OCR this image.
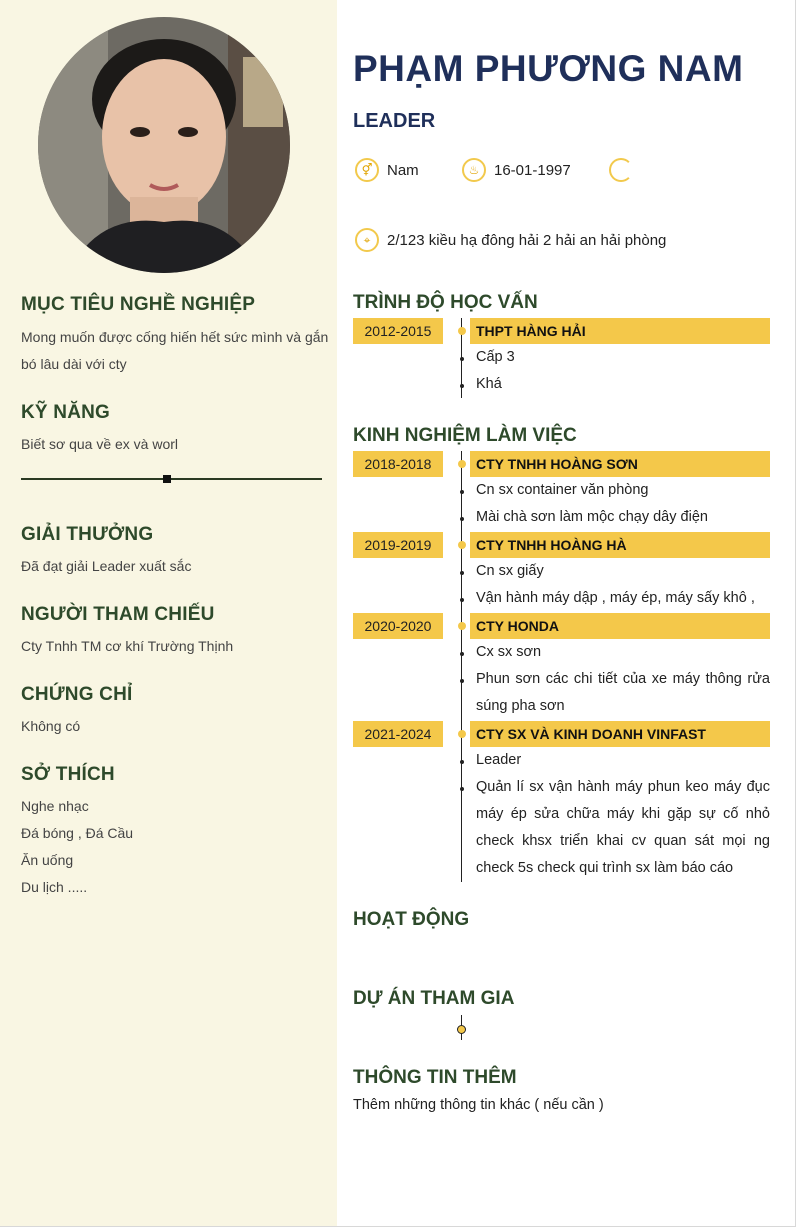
MỤC TIÊU NGHỀ NGHIỆP
Mong muốn được cống hiến hết sức mình và gắn
bó lâu dài với cty
KỸ NĂNG
Biết sơ qua về ex và worl
GIẢI THƯỞNG
Đã đạt giải Leader xuất sắc
NGƯỜI THAM CHIẾU
Cty Tnhh TM cơ khí Trường Thịnh
CHỨNG CHỈ
Không có
SỞ THÍCH
Nghe nhạc
Đá bóng , Đá Cầu
Ăn uống
Du lịch .....
PHẠM PHƯƠNG NAM
LEADER
⚥ Nam	♨ 16-01-1997
⌖	2/123 kiều hạ đông hải 2 hải an hải phòng
TRÌNH ĐỘ HỌC VẤN
2012-2015	THPT HÀNG HẢI
Cấp 3
Khá
KINH NGHIỆM LÀM VIỆC
2018-2018	CTY TNHH HOÀNG SƠN
Cn sx container văn phòng
Mài chà sơn làm mộc chạy dây điện
2019-2019	CTY TNHH HOÀNG HÀ
Cn sx giấy
Vận hành máy dập , máy ép, máy sấy khô ,
2020-2020	CTY HONDA
Cx sx sơn
Phun sơn các chi tiết của xe máy thông rửa súng pha sơn
2021-2024	CTY SX VÀ KINH DOANH VINFAST
Leader
Quản lí sx vận hành máy phun keo máy đục máy ép sửa chữa máy khi gặp sự cố nhỏ check khsx triển khai cv quan sát mọi ng check 5s check qui trình sx làm báo cáo
HOẠT ĐỘNG
DỰ ÁN THAM GIA
THÔNG TIN THÊM
Thêm những thông tin khác ( nếu cần )
